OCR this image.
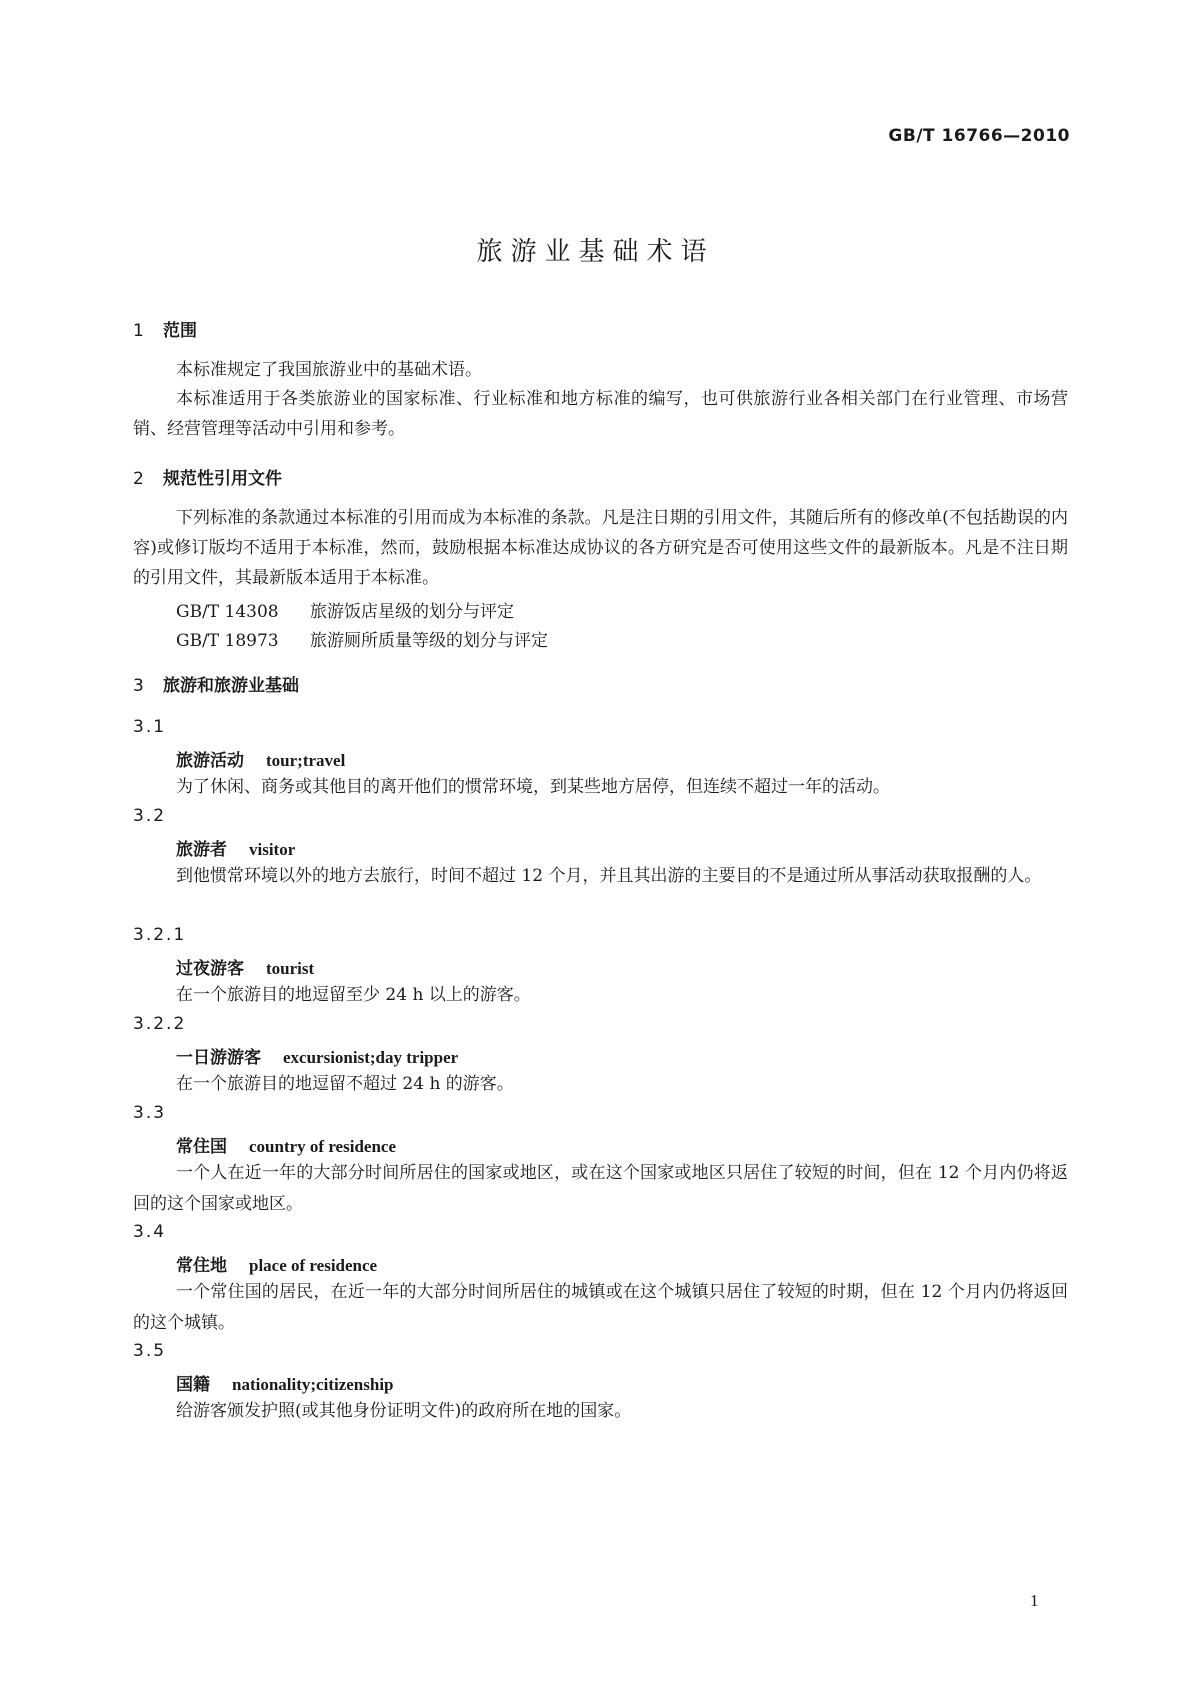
GB/T 16766—2010
旅游业基础术语
1 范围
本标准规定了我国旅游业中的基础术语。
本标准适用于各类旅游业的国家标准、行业标准和地方标准的编写，也可供旅游行业各相关部门在行业管理、市场营销、经营管理等活动中引用和参考。
2 规范性引用文件
下列标准的条款通过本标准的引用而成为本标准的条款。凡是注日期的引用文件，其随后所有的修改单(不包括勘误的内容)或修订版均不适用于本标准，然而，鼓励根据本标准达成协议的各方研究是否可使用这些文件的最新版本。凡是不注日期的引用文件，其最新版本适用于本标准。
GB/T 14308 旅游饭店星级的划分与评定
GB/T 18973 旅游厕所质量等级的划分与评定
3 旅游和旅游业基础
3.1
旅游活动 tour;travel
为了休闲、商务或其他目的离开他们的惯常环境，到某些地方居停，但连续不超过一年的活动。
3.2
旅游者 visitor
到他惯常环境以外的地方去旅行，时间不超过 12 个月，并且其出游的主要目的不是通过所从事活动获取报酬的人。
3.2.1
过夜游客 tourist
在一个旅游目的地逗留至少 24 h 以上的游客。
3.2.2
一日游游客 excursionist;day tripper
在一个旅游目的地逗留不超过 24 h 的游客。
3.3
常住国 country of residence
一个人在近一年的大部分时间所居住的国家或地区，或在这个国家或地区只居住了较短的时间，但在 12 个月内仍将返回的这个国家或地区。
3.4
常住地 place of residence
一个常住国的居民，在近一年的大部分时间所居住的城镇或在这个城镇只居住了较短的时期，但在 12 个月内仍将返回的这个城镇。
3.5
国籍 nationality;citizenship
给游客颁发护照(或其他身份证明文件)的政府所在地的国家。
1
